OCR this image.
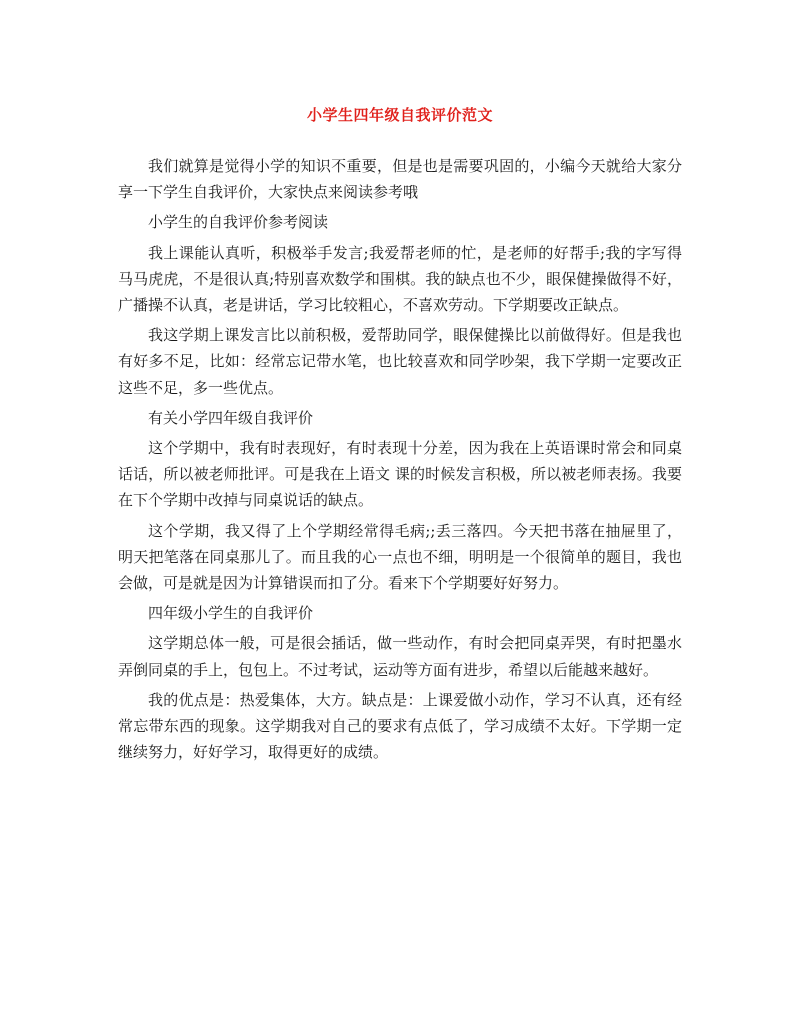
小学生四年级自我评价范文

我们就算是觉得小学的知识不重要，但是也是需要巩固的，小编今天就给大家分享一下学生自我评价，大家快点来阅读参考哦

小学生的自我评价参考阅读

我上课能认真听，积极举手发言;我爱帮老师的忙，是老师的好帮手;我的字写得马马虎虎，不是很认真;特别喜欢数学和围棋。我的缺点也不少，眼保健操做得不好，广播操不认真，老是讲话，学习比较粗心，不喜欢劳动。下学期要改正缺点。

我这学期上课发言比以前积极，爱帮助同学，眼保健操比以前做得好。但是我也有好多不足，比如：经常忘记带水笔，也比较喜欢和同学吵架，我下学期一定要改正这些不足，多一些优点。

有关小学四年级自我评价

这个学期中，我有时表现好，有时表现十分差，因为我在上英语课时常会和同桌话话，所以被老师批评。可是我在上语文 课的时候发言积极，所以被老师表扬。我要在下个学期中改掉与同桌说话的缺点。

这个学期，我又得了上个学期经常得毛病;;丢三落四。今天把书落在抽屉里了，明天把笔落在同桌那儿了。而且我的心一点也不细，明明是一个很简单的题目，我也会做，可是就是因为计算错误而扣了分。看来下个学期要好好努力。

四年级小学生的自我评价

这学期总体一般，可是很会插话，做一些动作，有时会把同桌弄哭，有时把墨水弄倒同桌的手上，包包上。不过考试，运动等方面有进步，希望以后能越来越好。

我的优点是：热爱集体，大方。缺点是：上课爱做小动作，学习不认真，还有经常忘带东西的现象。这学期我对自己的要求有点低了，学习成绩不太好。下学期一定继续努力，好好学习，取得更好的成绩。
